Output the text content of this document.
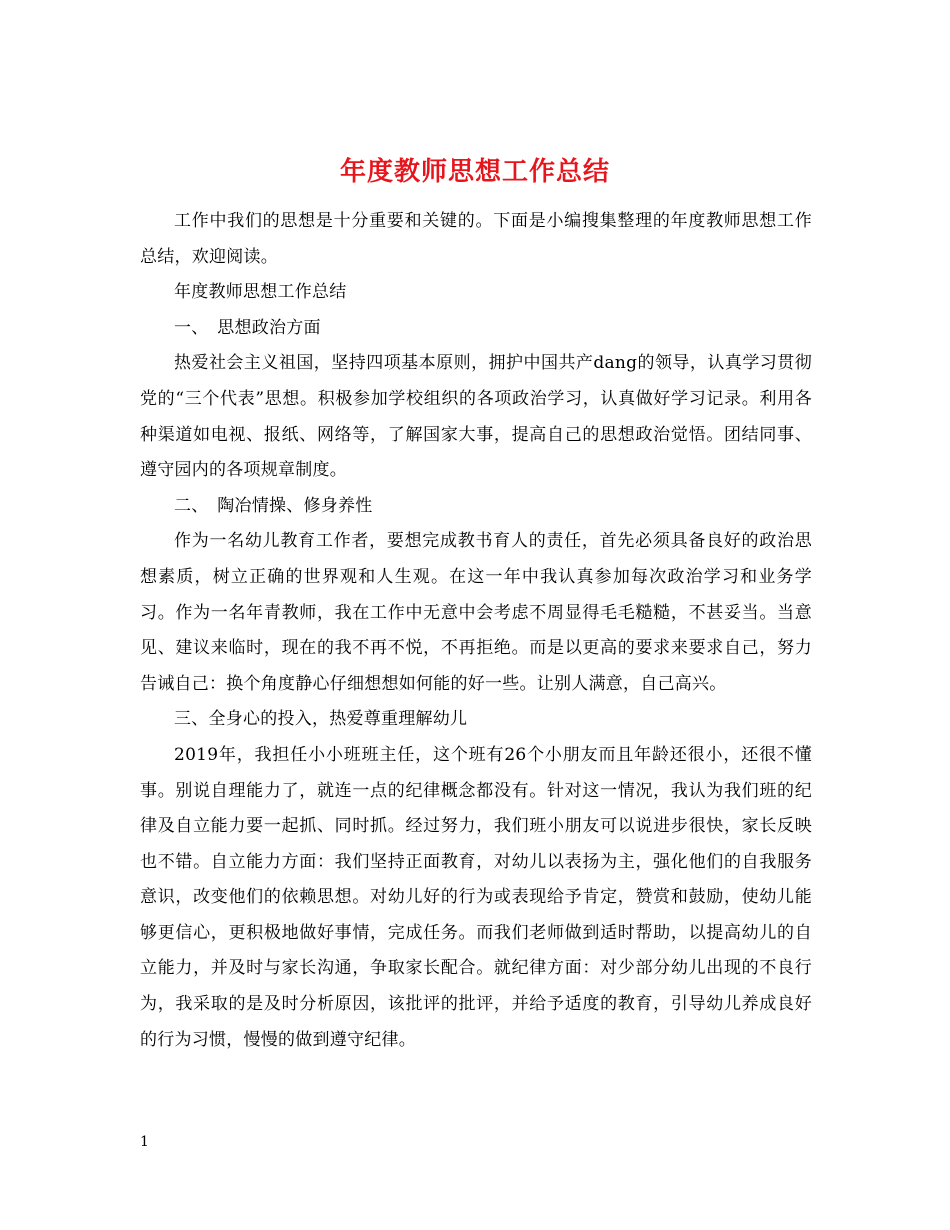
年度教师思想工作总结

工作中我们的思想是十分重要和关键的。下面是小编搜集整理的年度教师思想工作总结，欢迎阅读。

年度教师思想工作总结

一、　思想政治方面

热爱社会主义祖国，坚持四项基本原则，拥护中国共产dang的领导，认真学习贯彻党的“三个代表”思想。积极参加学校组织的各项政治学习，认真做好学习记录。利用各种渠道如电视、报纸、网络等，了解国家大事，提高自己的思想政治觉悟。团结同事、遵守园内的各项规章制度。

二、　陶冶情操、修身养性

作为一名幼儿教育工作者，要想完成教书育人的责任，首先必须具备良好的政治思想素质，树立正确的世界观和人生观。在这一年中我认真参加每次政治学习和业务学习。作为一名年青教师，我在工作中无意中会考虑不周显得毛毛糙糙，不甚妥当。当意见、建议来临时，现在的我不再不悦，不再拒绝。而是以更高的要求来要求自己，努力告诫自己：换个角度静心仔细想想如何能的好一些。让别人满意，自己高兴。

三、全身心的投入，热爱尊重理解幼儿

2019年，我担任小小班班主任，这个班有26个小朋友而且年龄还很小，还很不懂事。别说自理能力了，就连一点的纪律概念都没有。针对这一情况，我认为我们班的纪律及自立能力要一起抓、同时抓。经过努力，我们班小朋友可以说进步很快，家长反映也不错。自立能力方面：我们坚持正面教育，对幼儿以表扬为主，强化他们的自我服务意识，改变他们的依赖思想。对幼儿好的行为或表现给予肯定，赞赏和鼓励，使幼儿能够更信心，更积极地做好事情，完成任务。而我们老师做到适时帮助，以提高幼儿的自立能力，并及时与家长沟通，争取家长配合。就纪律方面：对少部分幼儿出现的不良行为，我采取的是及时分析原因，该批评的批评，并给予适度的教育，引导幼儿养成良好的行为习惯，慢慢的做到遵守纪律。

1
